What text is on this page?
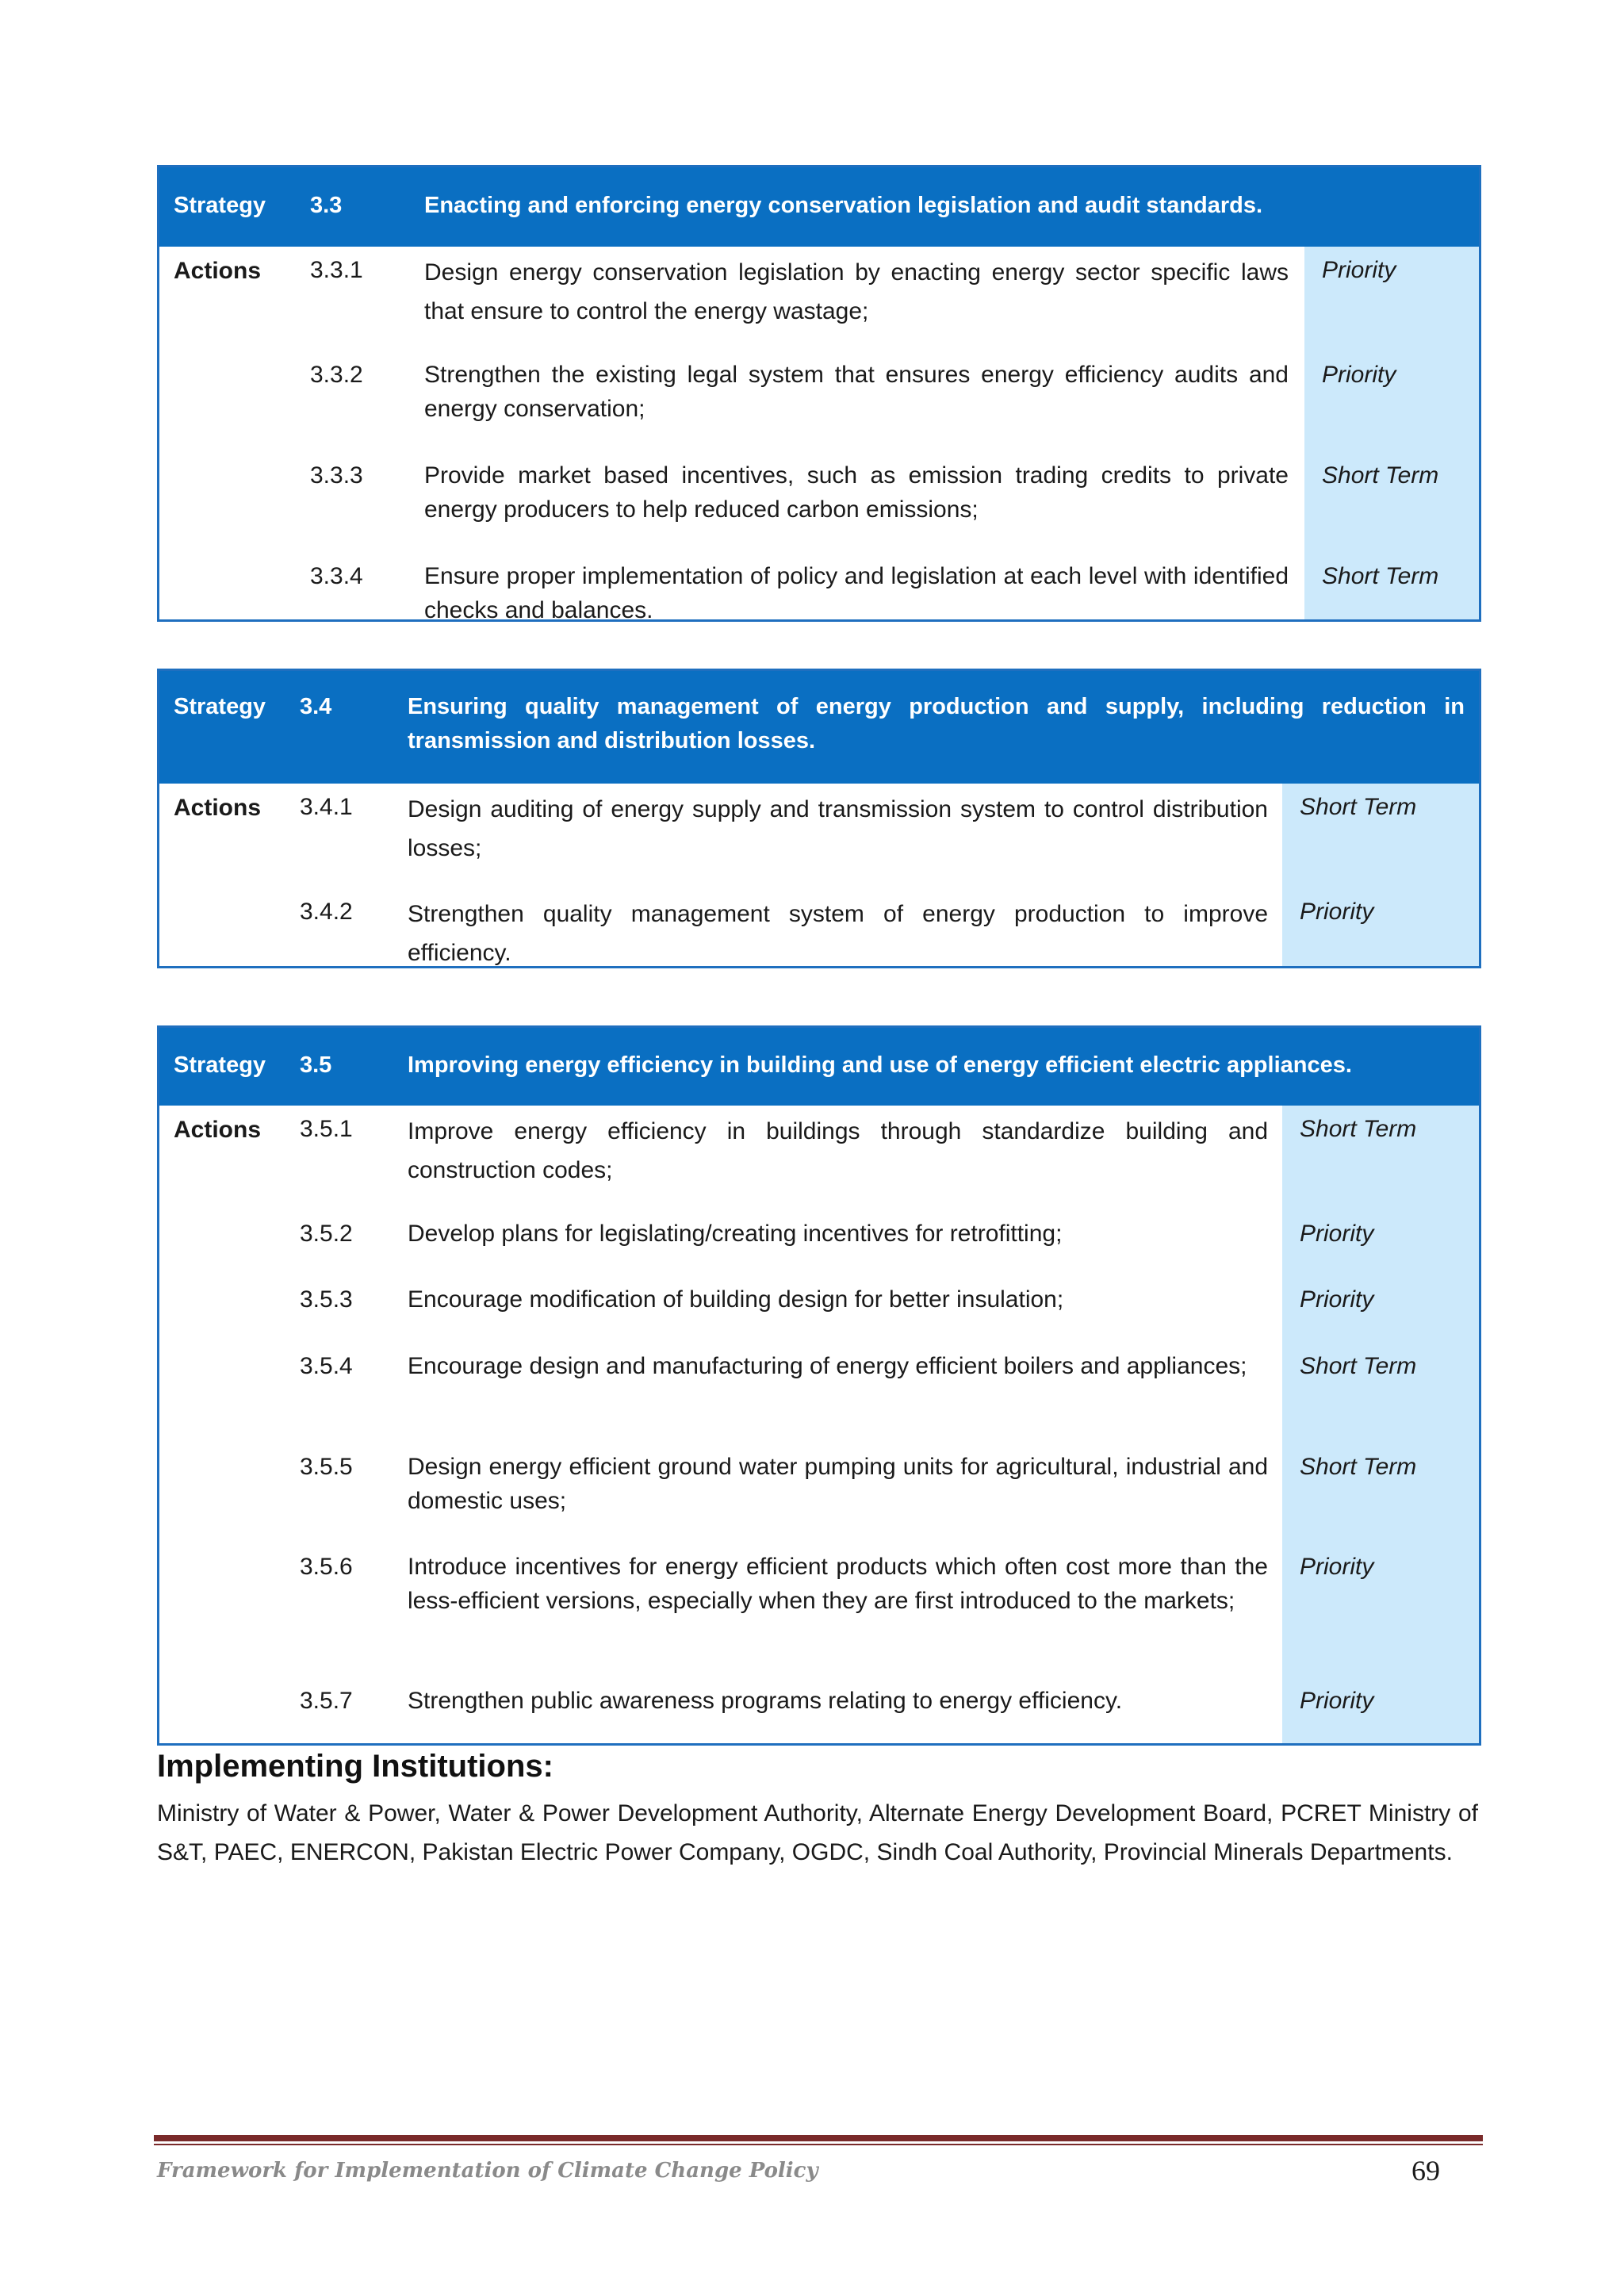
Strategy 3.3	Enacting and enforcing energy conservation legislation and audit standards.
Actions 3.3.1	Design energy conservation legislation by enacting energy sector specific laws that ensure to control the energy wastage;
Priority
3.3.2	Strengthen the existing legal system that ensures energy efficiency audits and energy conservation;
Priority
3.3.3	Provide market based incentives, such as emission trading credits to private energy producers to help reduced carbon emissions;
Short Term
3.3.4	Ensure proper implementation of policy and legislation at each level with identified checks and balances.
Short Term
Strategy 3.4	Ensuring quality management of energy production and supply, including reduction in transmission and distribution losses.
Actions 3.4.1 Design auditing of energy supply and transmission system to control distribution losses;
Short Term
3.4.2 Strengthen quality management system of energy production to improve efficiency.
Priority
Strategy 3.5	Improving energy efficiency in building and use of energy efficient electric appliances.
Actions 3.5.1 Improve energy efficiency in buildings through standardize building and construction codes;
Short Term
3.5.2 Develop plans for legislating/creating incentives for retrofitting;	Priority
3.5.3 Encourage modification of building design for better insulation;	Priority
3.5.4 Encourage design and manufacturing of energy efficient boilers and appliances;	Short Term
3.5.5 Design energy efficient ground water pumping units for agricultural, industrial and domestic uses;
Short Term
3.5.6 Introduce incentives for energy efficient products which often cost more than the less-efficient versions, especially when they are first introduced to the markets;
Priority
3.5.7 Strengthen public awareness programs relating to energy efficiency.	Priority
Implementing Institutions:
Ministry of Water & Power, Water & Power Development Authority, Alternate Energy Development Board, PCRET Ministry of S&T, PAEC, ENERCON, Pakistan Electric Power Company, OGDC, Sindh Coal Authority, Provincial Minerals Departments.
Framework for Implementation of Climate Change Policy	69
